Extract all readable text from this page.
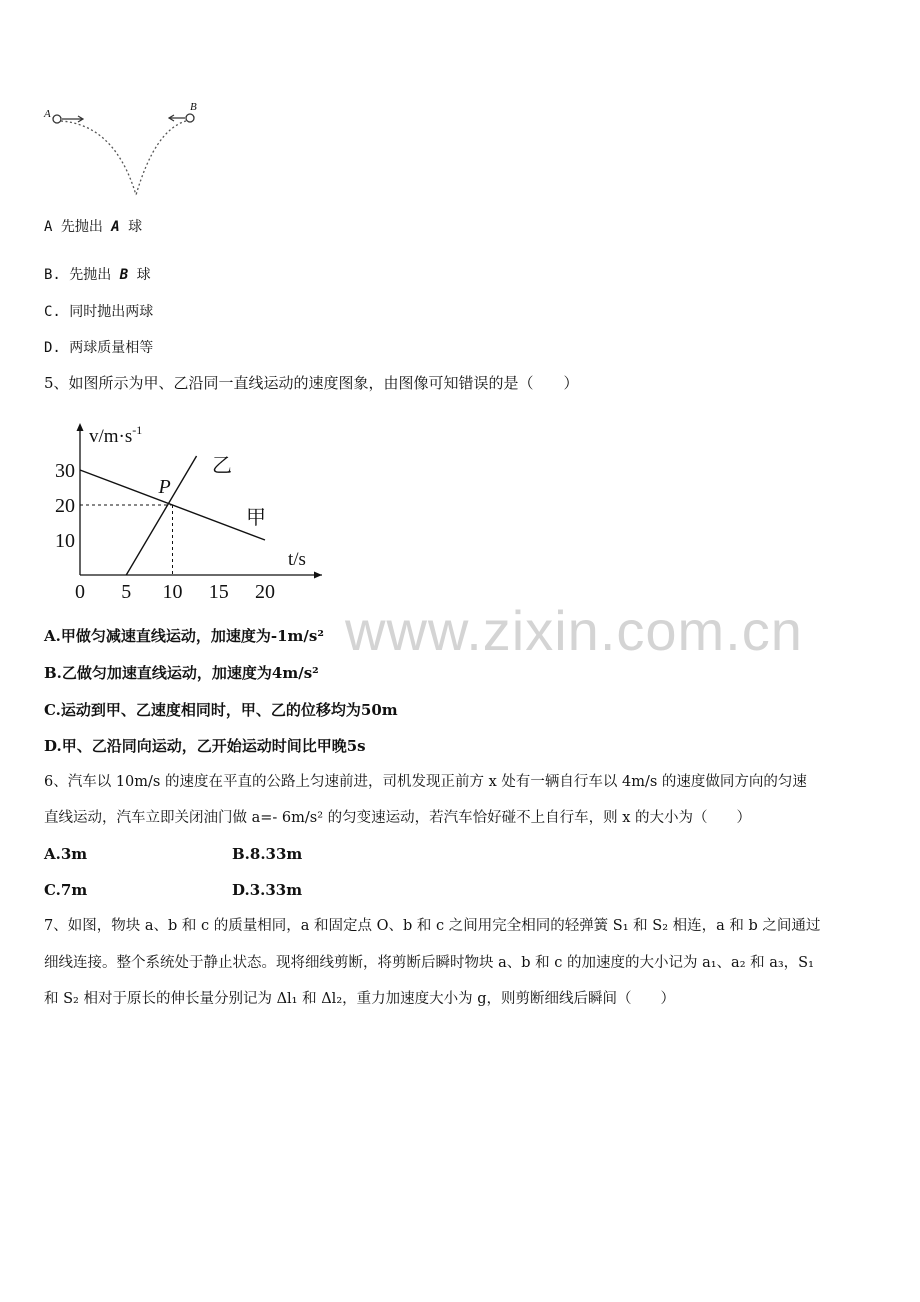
A
B
A 先抛出 A 球
B. 先抛出 B 球
C. 同时抛出两球
D. 两球质量相等
5、如图所示为甲、乙沿同一直线运动的速度图象，由图像可知错误的是（　　）
$v/m\cdot s^{-1}$
t/s
0 5 10 15 20
10
20
30	乙
甲
P
A.甲做匀减速直线运动，加速度为-1m/s²
B.乙做匀加速直线运动，加速度为4m/s²
C.运动到甲、乙速度相同时，甲、乙的位移均为50m
D.甲、乙沿同向运动，乙开始运动时间比甲晚5s
6、汽车以 10m/s 的速度在平直的公路上匀速前进，司机发现正前方 x 处有一辆自行车以 4m/s 的速度做同方向的匀速
直线运动，汽车立即关闭油门做 a=- 6m/s² 的匀变速运动，若汽车恰好碰不上自行车，则 x 的大小为（　　）
A.3m	B.8.33m
C.7m	D.3.33m
7、如图，物块 a、b 和 c 的质量相同，a 和固定点 O、b 和 c 之间用完全相同的轻弹簧 S₁ 和 S₂ 相连，a 和 b 之间通过
细线连接。整个系统处于静止状态。现将细线剪断，将剪断后瞬时物块 a、b 和 c 的加速度的大小记为 a₁、a₂ 和 a₃，S₁
和 S₂ 相对于原长的伸长量分别记为 Δl₁ 和 Δl₂，重力加速度大小为 g，则剪断细线后瞬间（　　）
www.zixin.com.cn
